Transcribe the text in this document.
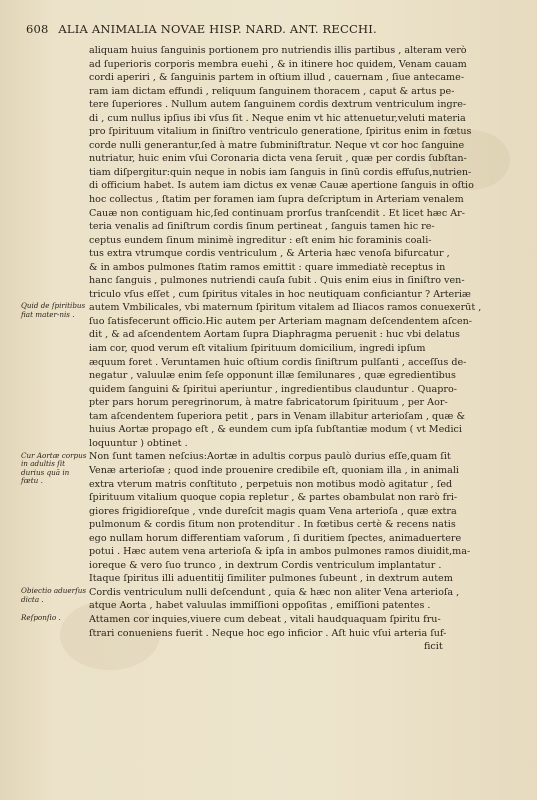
608 ALIA ANIMALIA NOVAE HISP. NARD. ANT. RECCHI.
aliquam huius ſanguinis portionem pro nutriendis illis partibus , alteram verò
ad ſuperioris corporis membra euehi , & in itinere hoc quidem, Venam cauam
cordi aperiri , & ſanguinis partem in oſtium illud , cauernam , ſiue antecame-
ram iam dictam effundi , reliquum ſanguinem thoracem , caput & artus pe-
tere ſuperiores . Nullum autem ſanguinem cordis dextrum ventriculum ingre-
di , cum nullus ipſius ibi vſus ſit . Neque enim vt hic attenuetur,veluti materia
pro ſpirituum vitalium in ſiniſtro ventriculo generatione, ſpiritus enim in fœtus
corde nulli generantur,ſed à matre ſubminiſtratur. Neque vt cor hoc ſanguine
nutriatur, huic enim vſui Coronaria dicta vena ſeruit , quæ per cordis ſubſtan-
tiam diſpergitur:quin neque in nobis iam ſanguis in ſinū cordis effuſus,nutrien-
di officium habet. Is autem iam dictus ex venæ Cauæ apertione ſanguis in oſtio
hoc collectus , ſtatim per foramen iam ſupra deſcriptum in Arteriam venalem
Cauæ non contiguam hic,ſed continuam prorſus tranſcendit . Et licet hæc Ar-
teria venalis ad ſiniſtrum cordis ſinum pertineat , ſanguis tamen hic re-
ceptus eundem ſinum minimè ingreditur : eſt enim hic foraminis coali-
tus extra vtrumque cordis ventriculum , & Arteria hæc venoſa bifurcatur ,
& in ambos pulmones ſtatim ramos emittit : quare immediatè receptus in
hanc ſanguis , pulmones nutriendi cauſa ſubit . Quis enim eius in ſiniſtro ven-
triculo vſus eſſet , cum ſpiritus vitales in hoc neutiquam conficiantur ? Arteriæ
autem Vmbilicales, vbi maternum ſpiritum vitalem ad Iliacos ramos conuexerūt ,
ſuo ſatisfecerunt officio.Hic autem per Arteriam magnam deſcendentem aſcen-
dit , & ad aſcendentem Aortam ſupra Diaphragma peruenit : huc vbi delatus
iam cor, quod verum eſt vitalium ſpirituum domicilium, ingredi ipſum
æquum foret . Veruntamen huic oſtium cordis ſiniſtrum pulſanti , acceſſus de-
negatur , valuulæ enim ſeſe opponunt illæ ſemilunares , quæ egredientibus
quidem ſanguini & ſpiritui aperiuntur , ingredientibus clauduntur . Quapro-
pter pars horum peregrinorum, à matre fabricatorum ſpirituum , per Aor-
tam aſcendentem ſuperiora petit , pars in Venam illabitur arterioſam , quæ &
huius Aortæ propago eſt , & eundem cum ipſa ſubſtantiæ modum ( vt Medici
loquuntur ) obtinet .
Non ſunt tamen neſcius:Aortæ in adultis corpus paulò durius eſſe,quam ſit
Venæ arterioſæ ; quod inde prouenire credibile eſt, quoniam illa , in animali
extra vterum matris conſtituto , perpetuis non motibus modò agitatur , ſed
ſpirituum vitalium quoque copia repletur , & partes obambulat non rarò fri-
giores frigidioreſque , vnde dureſcit magis quam Vena arterioſa , quæ extra
pulmonum & cordis ſitum non protenditur . In fœtibus certè & recens natis
ego nullam horum differentiam vaſorum , ſi duritiem ſpectes, animaduertere
potui . Hæc autem vena arterioſa & ipſa in ambos pulmones ramos diuidit,ma-
ioreque & vero ſuo trunco , in dextrum Cordis ventriculum implantatur .
Itaque ſpiritus illi aduentitij ſimiliter pulmones ſubeunt , in dextrum autem
Cordis ventriculum nulli deſcendunt , quia & hæc non aliter Vena arterioſa ,
atque Aorta , habet valuulas immiſſioni oppoſitas , emiſſioni patentes .
Attamen cor inquies,viuere cum debeat , vitali haudquaquam ſpiritu fru-
ſtrari conueniens fuerit . Neque hoc ego inficior . Aſt huic vſui arteria ſuf-
ficit
Quid de ſpiritibus fiat mater-nis .
Cur Aortæ corpus in adultis ſit durius quā in fœtu .
Obiectio aduerſus dicta .
Reſponſio .
